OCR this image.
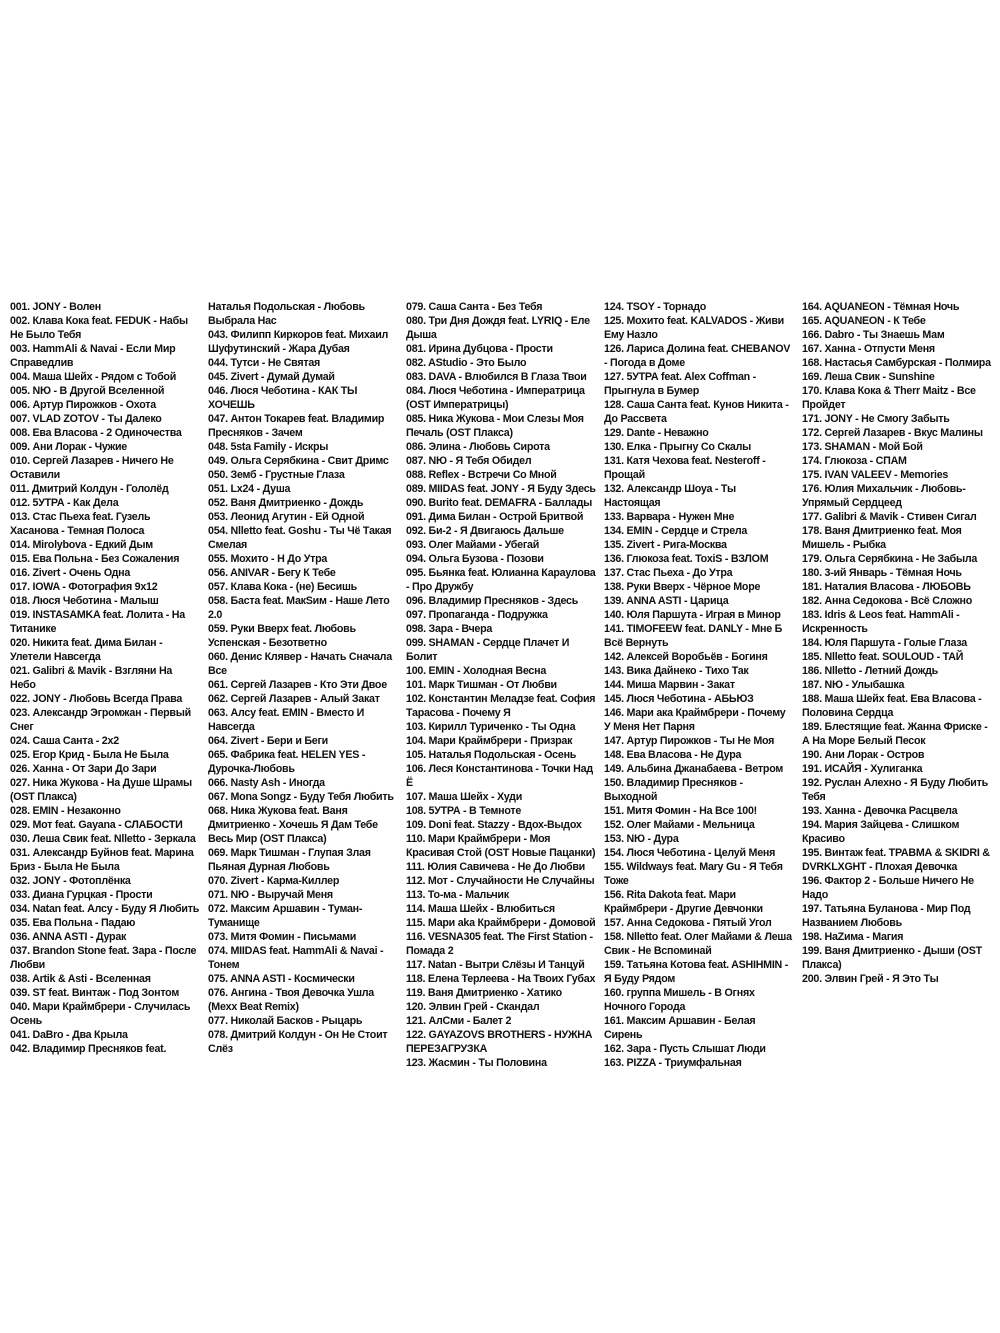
001. JONY - Волен
002. Клава Кока feat. FEDUK - Набы Не Было Тебя
003. HammAli & Navai - Если Мир Справедлив
004. Маша Шейх - Рядом с Тобой
005. NЮ - В Другой Вселенной
006. Артур Пирожков - Охота
007. VLAD ZOTOV - Ты Далеко
008. Ева Власова - 2 Одиночества
009. Ани Лорак - Чужие
010. Сергей Лазарев - Ничего Не Оставили
011. Дмитрий Колдун - Гололёд
012. 5УТРА - Как Дела
013. Стас Пьеха feat. Гузель Хасанова - Темная Полоса
014. Mirolybova - Едкий Дым
015. Ева Польна - Без Сожаления
016. Zivert - Очень Одна
017. IOWA - Фотография 9x12
018. Люся Чеботина - Малыш
019. INSTASAMKA feat. Лолита - На Титанике
020. Никита feat. Дима Билан - Улетели Навсегда
021. Galibri & Mavik - Взгляни На Небо
022. JONY - Любовь Всегда Права
023. Александр Эгромжан - Первый Снег
024. Саша Санта - 2x2
025. Егор Крид - Была Не Была
026. Ханна - От Зари До Зари
027. Ника Жукова - На Душе Шрамы (OST Плакса)
028. EMIN - Незаконно
029. Мот feat. Gayana - СЛАБОСТИ
030. Леша Свик feat. Nlletto - Зеркала
031. Александр Буйнов feat. Марина Бриз - Была Не Была
032. JONY - Фотоплёнка
033. Диана Гурцкая - Прости
034. Natan feat. Алсу - Буду Я Любить
035. Ева Польна - Падаю
036. ANNA ASTI - Дурак
037. Brandon Stone feat. Зара - После Любви
038. Artik & Asti - Вселенная
039. ST feat. Винтаж - Под Зонтом
040. Мари Краймбрери - Случилась Осень
041. DaBro - Два Крыла
042. Владимир Пресняков feat.
Наталья Подольская - Любовь Выбрала Нас
043. Филипп Киркоров feat. Михаил Шуфутинский - Жара Дубая
044. Тутси - Не Святая
045. Zivert - Думай Думай
046. Люся Чеботина - КАК ТЫ ХОЧЕШЬ
047. Антон Токарев feat. Владимир Пресняков - Зачем
048. 5sta Family - Искры
049. Ольга Серябкина - Свит Дримс
050. Земб - Грустные Глаза
051. Lx24 - Душа
052. Ваня Дмитриенко - Дождь
053. Леонид Агутин - Ей Одной
054. Nlletto feat. Goshu - Ты Чё Такая Смелая
055. Мохито - Н До Утра
056. ANIVAR - Бегу К Тебе
057. Клава Кока - (не) Бесишь
058. Баста feat. МакSим - Наше Лето 2.0
059. Руки Вверх feat. Любовь Успенская - Безответно
060. Денис Клявер - Начать Сначала Все
061. Сергей Лазарев - Кто Эти Двое
062. Сергей Лазарев - Алый Закат
063. Алсу feat. EMIN - Вместо И Навсегда
064. Zivert - Бери и Беги
065. Фабрика feat. HELEN YES - Дурочка-Любовь
066. Nasty Ash - Иногда
067. Mona Songz - Буду Тебя Любить
068. Ника Жукова feat. Ваня Дмитриенко - Хочешь Я Дам Тебе Весь Мир (OST Плакса)
069. Марк Тишман - Глупая Злая Пьяная Дурная Любовь
070. Zivert - Карма-Киллер
071. NЮ - Выручай Меня
072. Максим Аршавин - Туман-Туманище
073. Митя Фомин - Письмами
074. MIIDAS feat. HammAli & Navai - Тонем
075. ANNA ASTI - Космически
076. Ангина - Твоя Девочка Ушла (Mexx Beat Remix)
077. Николай Басков - Рыцарь
078. Дмитрий Колдун - Он Не Стоит Слёз
079. Саша Санта - Без Тебя
080. Три Дня Дождя feat. LYRIQ - Еле Дыша
081. Ирина Дубцова - Прости
082. AStudio - Это Было
083. DAVA - Влюбился В Глаза Твои
084. Люся Чеботина - Императрица (OST Императрицы)
085. Ника Жукова - Мои Слезы Моя Печаль (OST Плакса)
086. Элина - Любовь Сирота
087. NЮ - Я Тебя Обидел
088. Reflex - Встречи Со Мной
089. MIIDAS feat. JONY - Я Буду Здесь
090. Burito feat. DEMAFRA - Баллады
091. Дима Билан - Острой Бритвой
092. Би-2 - Я Двигаюсь Дальше
093. Олег Майами - Убегай
094. Ольга Бузова - Позови
095. Бьянка feat. Юлианна Караулова - Про Дружбу
096. Владимир Пресняков - Здесь
097. Пропаганда - Подружка
098. Зара - Вчера
099. SHAMAN - Сердце Плачет И Болит
100. EMIN - Холодная Весна
101. Марк Тишман - От Любви
102. Константин Меладзе feat. София Тарасова - Почему Я
103. Кирилл Туриченко - Ты Одна
104. Мари Краймбрери - Призрак
105. Наталья Подольская - Осень
106. Леся Константинова - Точки Над Ё
107. Маша Шейх - Худи
108. 5УТРА - В Темноте
109. Doni feat. Stazzy - Вдох-Выдох
110. Мари Краймбрери - Моя Красивая Стой (OST Новые Пацанки)
111. Юлия Савичева - Не До Любви
112. Мот - Случайности Не Случайны
113. То-ма - Мальчик
114. Маша Шейх - Влюбиться
115. Мари aka Краймбрери - Домовой
116. VESNA305 feat. The First Station - Помада 2
117. Natan - Вытри Слёзы И Танцуй
118. Елена Терлеева - На Твоих Губах
119. Ваня Дмитриенко - Хатико
120. Элвин Грей - Скандал
121. АлСми - Балет 2
122. GAYAZOVS BROTHERS - НУЖНА ПЕРЕЗАГРУЗКА
123. Жасмин - Ты Половина
124. TSOY - Торнадо
125. Мохито feat. KALVADOS - Живи Ему Назло
126. Лариса Долина feat. CHEBANOV - Погода в Доме
127. 5УТРА feat. Alex Coffman - Прыгнула в Бумер
128. Саша Санта feat. Кунов Никита - До Рассвета
129. Dante - Неважно
130. Елка - Прыгну Со Скалы
131. Катя Чехова feat. Nesteroff - Прощай
132. Александр Шоуа - Ты Настоящая
133. Варвара - Нужен Мне
134. EMIN - Сердце и Стрела
135. Zivert - Рига-Москва
136. Глюкоза feat. ToxiS - ВЗЛОМ
137. Стас Пьеха - До Утра
138. Руки Вверх - Чёрное Море
139. ANNA ASTI - Царица
140. Юля Паршута - Играя в Минор
141. TIMOFEEW feat. DANLY - Мне Б Всё Вернуть
142. Алексей Воробьёв - Богиня
143. Вика Дайнеко - Тихо Так
144. Миша Марвин - Закат
145. Люся Чеботина - АБЬЮЗ
146. Мари ака Краймбрери - Почему У Меня Нет Парня
147. Артур Пирожков - Ты Не Моя
148. Ева Власова - Не Дура
149. Альбина Джанабаева - Ветром
150. Владимир Пресняков - Выходной
151. Митя Фомин - На Все 100!
152. Олег Майами - Мельница
153. NЮ - Дура
154. Люся Чеботина - Целуй Меня
155. Wildways feat. Mary Gu - Я Тебя Тоже
156. Rita Dakota feat. Мари Краймбрери - Другие Девчонки
157. Анна Седокова - Пятый Угол
158. Nlletto feat. Олег Майами & Леша Свик - Не Вспоминай
159. Татьяна Котова feat. ASHIHMIN - Я Буду Рядом
160. группа Мишель - В Огнях Ночного Города
161. Максим Аршавин - Белая Сирень
162. Зара - Пусть Слышат Люди
163. PIZZA - Триумфальная
164. AQUANEON - Тёмная Ночь
165. AQUANEON - К Тебе
166. Dabro - Ты Знаешь Мам
167. Ханна - Отпусти Меня
168. Настасья Самбурская - Полмира
169. Леша Свик - Sunshine
170. Клава Кока & Therr Maitz - Все Пройдет
171. JONY - Не Смогу Забыть
172. Сергей Лазарев - Вкус Малины
173. SHAMAN - Мой Бой
174. Глюкоза - СПАМ
175. IVAN VALEEV - Memories
176. Юлия Михальчик - Любовь-Упрямый Сердцеед
177. Galibri & Mavik - Стивен Сигал
178. Ваня Дмитриенко feat. Моя Мишель - Рыбка
179. Ольга Серябкина - Не Забыла
180. 3-ий Январь - Тёмная Ночь
181. Наталия Власова - ЛЮБОВЬ
182. Анна Седокова - Всё Сложно
183. Idris & Leos feat. HammAli - Искренность
184. Юля Паршута - Голые Глаза
185. Nlletto feat. SOULOUD - ТАЙ
186. Nlletto - Летний Дождь
187. NЮ - Улыбашка
188. Маша Шейх feat. Ева Власова - Половина Сердца
189. Блестящие feat. Жанна Фриске - А На Море Белый Песок
190. Ани Лорак - Остров
191. ИСАЙЯ - Хулиганка
192. Руслан Алехно - Я Буду Любить Тебя
193. Ханна - Девочка Расцвела
194. Мария Зайцева - Слишком Красиво
195. Винтаж feat. ТРАВМА & SKIDRI & DVRKLXGHT - Плохая Девочка
196. Фактор 2 - Больше Ничего Не Надо
197. Татьяна Буланова - Мир Под Названием Любовь
198. НаZима - Магия
199. Ваня Дмитриенко - Дыши (OST Плакса)
200. Элвин Грей - Я Это Ты
